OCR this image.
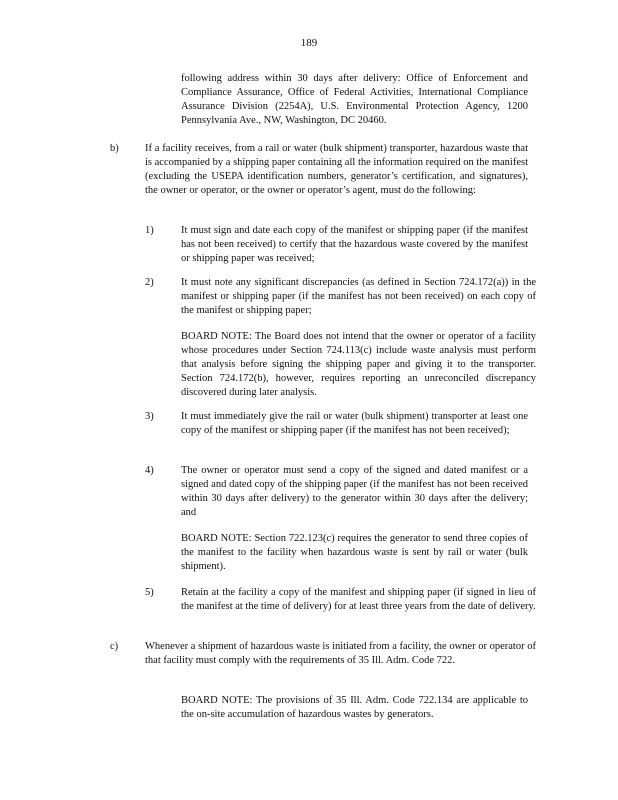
189

following address within 30 days after delivery: Office of Enforcement and Compliance Assurance, Office of Federal Activities, International Compliance Assurance Division (2254A), U.S. Environmental Protection Agency, 1200 Pennsylvania Ave., NW, Washington, DC 20460.

b)	If a facility receives, from a rail or water (bulk shipment) transporter, hazardous waste that is accompanied by a shipping paper containing all the information required on the manifest (excluding the USEPA identification numbers, generator’s certification, and signatures), the owner or operator, or the owner or operator’s agent, must do the following:

1)	It must sign and date each copy of the manifest or shipping paper (if the manifest has not been received) to certify that the hazardous waste covered by the manifest or shipping paper was received;

2)	It must note any significant discrepancies (as defined in Section 724.172(a)) in the manifest or shipping paper (if the manifest has not been received) on each copy of the manifest or shipping paper;

BOARD NOTE: The Board does not intend that the owner or operator of a facility whose procedures under Section 724.113(c) include waste analysis must perform that analysis before signing the shipping paper and giving it to the transporter. Section 724.172(b), however, requires reporting an unreconciled discrepancy discovered during later analysis.

3)	It must immediately give the rail or water (bulk shipment) transporter at least one copy of the manifest or shipping paper (if the manifest has not been received);

4)	The owner or operator must send a copy of the signed and dated manifest or a signed and dated copy of the shipping paper (if the manifest has not been received within 30 days after delivery) to the generator within 30 days after the delivery; and

BOARD NOTE: Section 722.123(c) requires the generator to send three copies of the manifest to the facility when hazardous waste is sent by rail or water (bulk shipment).

5)	Retain at the facility a copy of the manifest and shipping paper (if signed in lieu of the manifest at the time of delivery) for at least three years from the date of delivery.

c)	Whenever a shipment of hazardous waste is initiated from a facility, the owner or operator of that facility must comply with the requirements of 35 Ill. Adm. Code 722.

BOARD NOTE: The provisions of 35 Ill. Adm. Code 722.134 are applicable to the on-site accumulation of hazardous wastes by generators.
